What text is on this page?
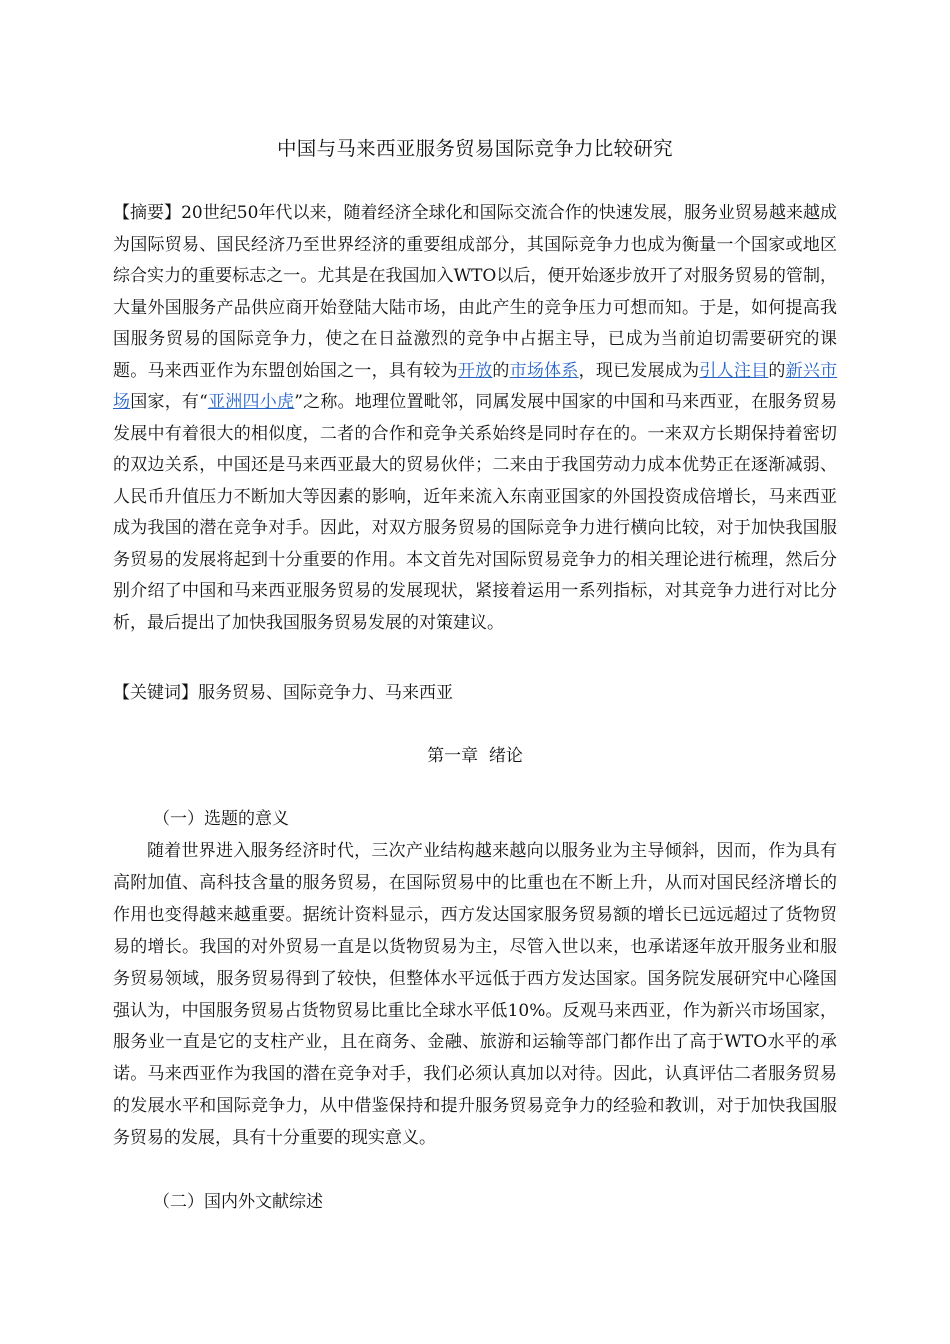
中国与马来西亚服务贸易国际竞争力比较研究

【摘要】20世纪50年代以来，随着经济全球化和国际交流合作的快速发展，服务业贸易越来越成为国际贸易、国民经济乃至世界经济的重要组成部分，其国际竞争力也成为衡量一个国家或地区综合实力的重要标志之一。尤其是在我国加入WTO以后，便开始逐步放开了对服务贸易的管制，大量外国服务产品供应商开始登陆大陆市场，由此产生的竞争压力可想而知。于是，如何提高我国服务贸易的国际竞争力，使之在日益激烈的竞争中占据主导，已成为当前迫切需要研究的课题。马来西亚作为东盟创始国之一，具有较为开放的市场体系，现已发展成为引人注目的新兴市场国家，有“亚洲四小虎”之称。地理位置毗邻，同属发展中国家的中国和马来西亚，在服务贸易发展中有着很大的相似度，二者的合作和竞争关系始终是同时存在的。一来双方长期保持着密切的双边关系，中国还是马来西亚最大的贸易伙伴；二来由于我国劳动力成本优势正在逐渐减弱、人民币升值压力不断加大等因素的影响，近年来流入东南亚国家的外国投资成倍增长，马来西亚成为我国的潜在竞争对手。因此，对双方服务贸易的国际竞争力进行横向比较，对于加快我国服务贸易的发展将起到十分重要的作用。本文首先对国际贸易竞争力的相关理论进行梳理，然后分别介绍了中国和马来西亚服务贸易的发展现状，紧接着运用一系列指标，对其竞争力进行对比分析，最后提出了加快我国服务贸易发展的对策建议。

【关键词】服务贸易、国际竞争力、马来西亚
第一章  绪论
（一）选题的意义

随着世界进入服务经济时代，三次产业结构越来越向以服务业为主导倾斜，因而，作为具有高附加值、高科技含量的服务贸易，在国际贸易中的比重也在不断上升，从而对国民经济增长的作用也变得越来越重要。据统计资料显示，西方发达国家服务贸易额的增长已远远超过了货物贸易的增长。我国的对外贸易一直是以货物贸易为主，尽管入世以来，也承诺逐年放开服务业和服务贸易领域，服务贸易得到了较快，但整体水平远低于西方发达国家。国务院发展研究中心隆国强认为，中国服务贸易占货物贸易比重比全球水平低10%。反观马来西亚，作为新兴市场国家，服务业一直是它的支柱产业，且在商务、金融、旅游和运输等部门都作出了高于WTO水平的承诺。马来西亚作为我国的潜在竞争对手，我们必须认真加以对待。因此，认真评估二者服务贸易的发展水平和国际竞争力，从中借鉴保持和提升服务贸易竞争力的经验和教训，对于加快我国服务贸易的发展，具有十分重要的现实意义。

（二）国内外文献综述
